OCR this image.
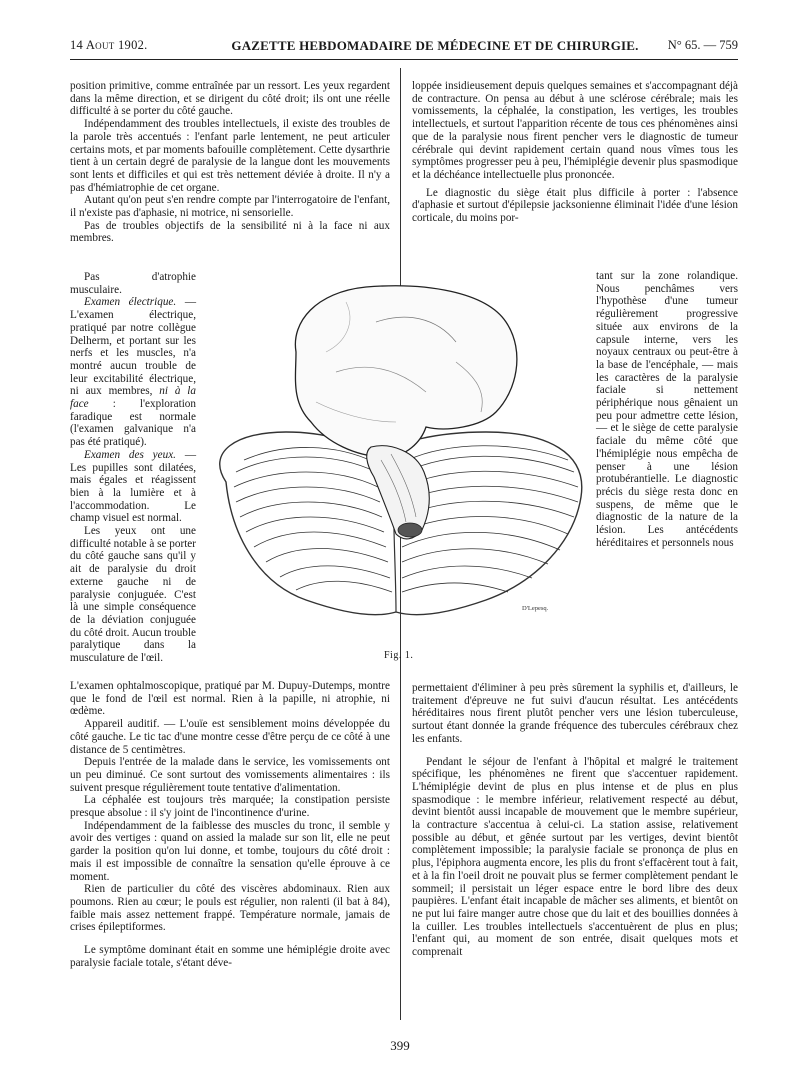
14 Aout 1902.	GAZETTE HEBDOMADAIRE DE MÉDECINE ET DE CHIRURGIE.	N° 65. — 759

position primitive, comme entraînée par un ressort. Les yeux regardent dans la même direction, et se dirigent du côté droit; ils ont une réelle difficulté à se porter du côté gauche.

Indépendamment des troubles intellectuels, il existe des troubles de la parole très accentués : l'enfant parle lentement, ne peut articuler certains mots, et par moments bafouille complètement. Cette dysarthrie tient à un certain degré de paralysie de la langue dont les mouvements sont lents et difficiles et qui est très nettement déviée à droite. Il n'y a pas d'hémiatrophie de cet organe.

Autant qu'on peut s'en rendre compte par l'interrogatoire de l'enfant, il n'existe pas d'aphasie, ni motrice, ni sensorielle.

Pas de troubles objectifs de la sensibilité ni à la face ni aux membres.

Pas d'atrophie musculaire.

Examen électrique. — L'examen électrique, pratiqué par notre collègue Delherm, et portant sur les nerfs et les muscles, n'a montré aucun trouble de leur excitabilité électrique, ni aux membres, ni à la face : l'exploration faradique est normale (l'examen galvanique n'a pas été pratiqué).

Examen des yeux. — Les pupilles sont dilatées, mais égales et réagissent bien à la lumière et à l'accommodation. Le champ visuel est normal.

Les yeux ont une difficulté notable à se porter du côté gauche sans qu'il y ait de paralysie du droit externe gauche ni de paralysie conjuguée. C'est là une simple conséquence de la déviation conjuguée du côté droit. Aucun trouble paralytique dans la musculature de l'œil.

L'examen ophtalmoscopique, pratiqué par M. Dupuy-Dutemps, montre que le fond de l'œil est normal. Rien à la papille, ni atrophie, ni œdème.

Appareil auditif. — L'ouïe est sensiblement moins développée du côté gauche. Le tic tac d'une montre cesse d'être perçu de ce côté à une distance de 5 centimètres.

Depuis l'entrée de la malade dans le service, les vomissements ont un peu diminué. Ce sont surtout des vomissements alimentaires : ils suivent presque régulièrement toute tentative d'alimentation.

La céphalée est toujours très marquée; la constipation persiste presque absolue : il s'y joint de l'incontinence d'urine.

Indépendamment de la faiblesse des muscles du tronc, il semble y avoir des vertiges : quand on assied la malade sur son lit, elle ne peut garder la position qu'on lui donne, et tombe, toujours du côté droit : mais il est impossible de connaître la sensation qu'elle éprouve à ce moment.

Rien de particulier du côté des viscères abdominaux. Rien aux poumons. Rien au cœur; le pouls est régulier, non ralenti (il bat à 84), faible mais assez nettement frappé. Température normale, jamais de crises épileptiformes.

Le symptôme dominant était en somme une hémiplégie droite avec paralysie faciale totale, s'étant déve-

loppée insidieusement depuis quelques semaines et s'accompagnant déjà de contracture. On pensa au début à une sclérose cérébrale; mais les vomissements, la céphalée, la constipation, les vertiges, les troubles intellectuels, et surtout l'apparition récente de tous ces phénomènes ainsi que de la paralysie nous firent pencher vers le diagnostic de tumeur cérébrale qui devint rapidement certain quand nous vîmes tous les symptômes progresser peu à peu, l'hémiplégie devenir plus spasmodique et la déchéance intellectuelle plus prononcée.

Le diagnostic du siège était plus difficile à porter : l'absence d'aphasie et surtout d'épilepsie jacksonienne éliminait l'idée d'une lésion corticale, du moins por-

tant sur la zone rolandique. Nous penchâmes vers l'hypothèse d'une tumeur régulièrement progressive située aux environs de la capsule interne, vers les noyaux centraux ou peut-être à la base de l'encéphale, — mais les caractères de la paralysie faciale si nettement périphérique nous gênaient un peu pour admettre cette lésion, — et le siège de cette paralysie faciale du même côté que l'hémiplégie nous empêcha de penser à une lésion protubérantielle. Le diagnostic précis du siège resta donc en suspens, de même que le diagnostic de la nature de la lésion. Les antécédents héréditaires et personnels nous

permettaient d'éliminer à peu près sûrement la syphilis et, d'ailleurs, le traitement d'épreuve ne fut suivi d'aucun résultat. Les antécédents héréditaires nous firent plutôt pencher vers une lésion tuberculeuse, surtout étant donnée la grande fréquence des tubercules cérébraux chez les enfants.

Pendant le séjour de l'enfant à l'hôpital et malgré le traitement spécifique, les phénomènes ne firent que s'accentuer rapidement. L'hémiplégie devint de plus en plus intense et de plus en plus spasmodique : le membre inférieur, relativement respecté au début, devint bientôt aussi incapable de mouvement que le membre supérieur, la contracture s'accentua à celui-ci. La station assise, relativement possible au début, et gênée surtout par les vertiges, devint bientôt complètement impossible; la paralysie faciale se prononça de plus en plus, l'épiphora augmenta encore, les plis du front s'effacèrent tout à fait, et à la fin l'oeil droit ne pouvait plus se fermer complètement pendant le sommeil; il persistait un léger espace entre le bord libre des deux paupières. L'enfant était incapable de mâcher ses aliments, et bientôt on ne put lui faire manger autre chose que du lait et des bouillies données à la cuiller. Les troubles intellectuels s'accentuèrent de plus en plus; l'enfant qui, au moment de son entrée, disait quelques mots et comprenait

D'Lepesq.
Fig. 1.
399
